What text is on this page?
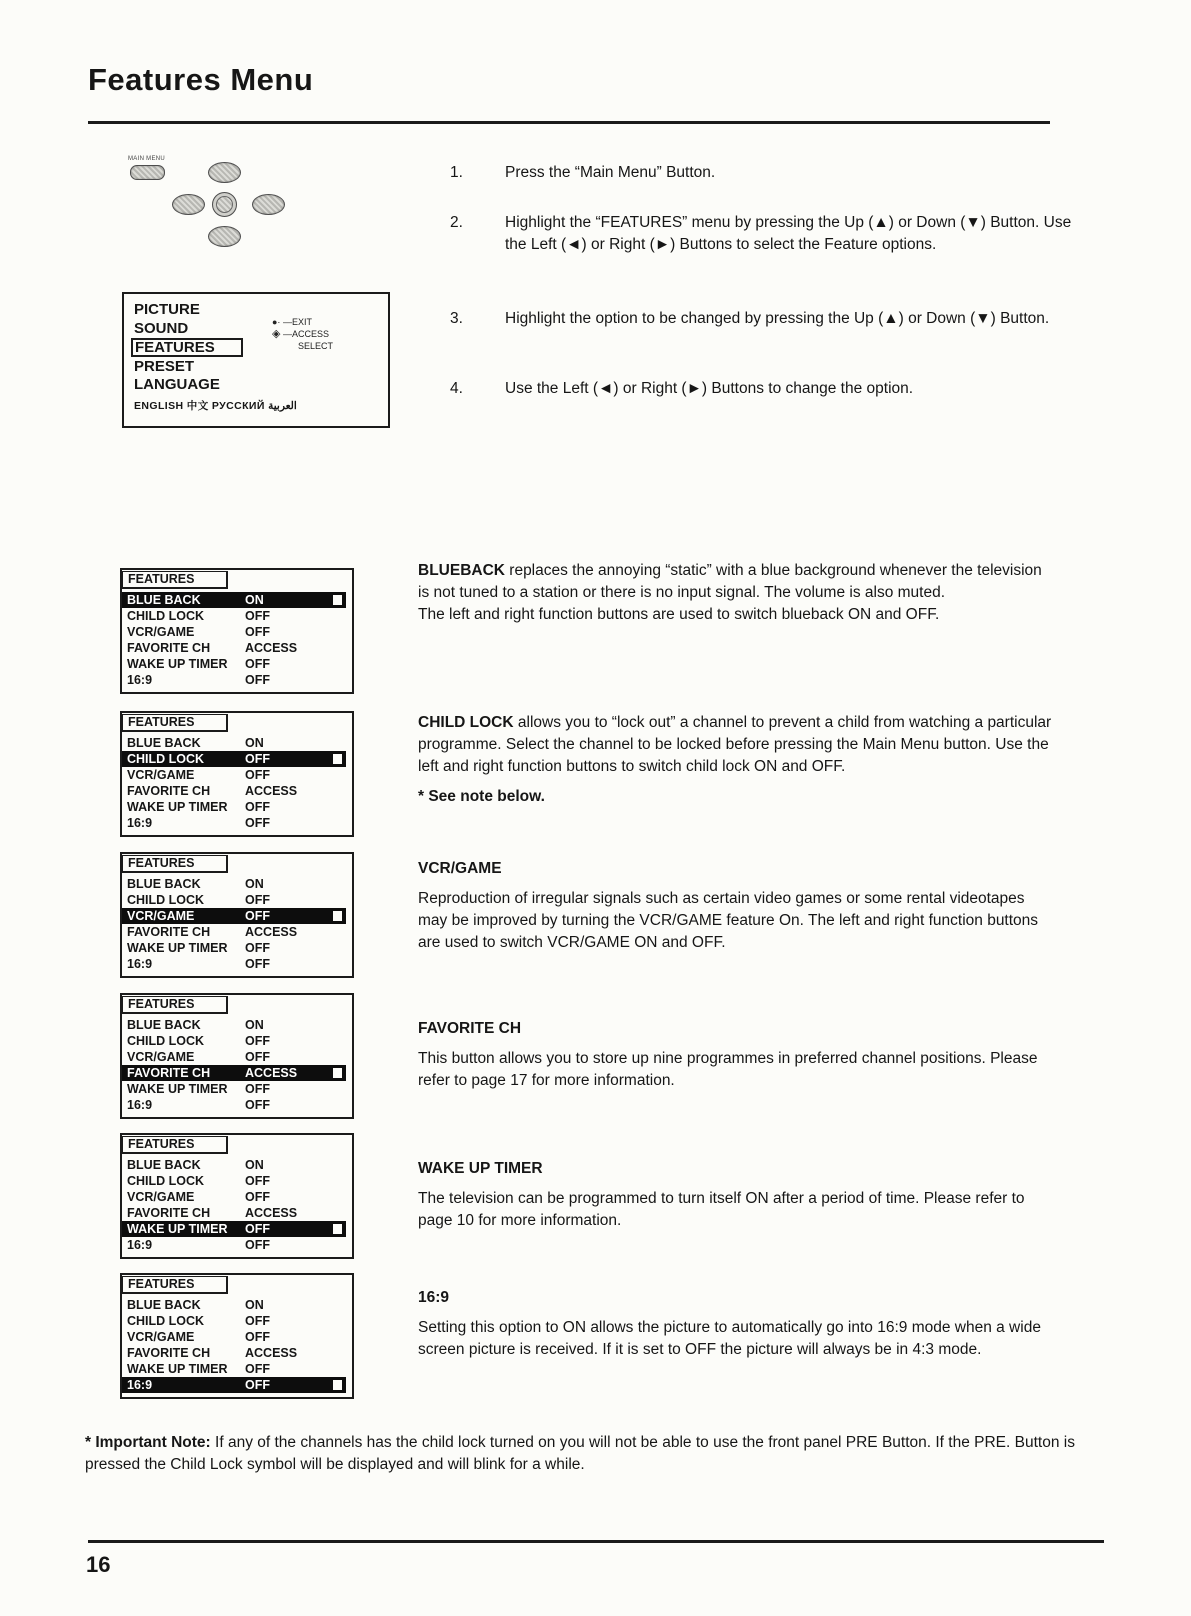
Features Menu
MAIN MENU
PICTURE
SOUND
FEATURES
PRESET
LANGUAGE
ENGLISH 中文 РУССКИЙ العربية
●· —EXIT
◈ —ACCESS
SELECT
1.	Press the “Main Menu” Button.
2.	Highlight the “FEATURES” menu by pressing the Up (▲) or Down (▼) Button. Use the Left (◄) or Right (►) Buttons to select the Feature options.
3.	Highlight the option to be changed by pressing the Up (▲) or Down (▼) Button.
4.	Use the Left (◄) or Right (►) Buttons to change the option.
FEATURES
BLUE BACK	ON
CHILD LOCK	OFF
VCR/GAME	OFF
FAVORITE CH	ACCESS
WAKE UP TIMER	OFF
16:9	OFF
FEATURES
BLUE BACK	ON
CHILD LOCK	OFF
VCR/GAME	OFF
FAVORITE CH	ACCESS
WAKE UP TIMER	OFF
16:9	OFF
FEATURES
BLUE BACK	ON
CHILD LOCK	OFF
VCR/GAME	OFF
FAVORITE CH	ACCESS
WAKE UP TIMER	OFF
16:9	OFF
FEATURES
BLUE BACK	ON
CHILD LOCK	OFF
VCR/GAME	OFF
FAVORITE CH	ACCESS
WAKE UP TIMER	OFF
16:9	OFF
FEATURES
BLUE BACK	ON
CHILD LOCK	OFF
VCR/GAME	OFF
FAVORITE CH	ACCESS
WAKE UP TIMER	OFF
16:9	OFF
FEATURES
BLUE BACK	ON
CHILD LOCK	OFF
VCR/GAME	OFF
FAVORITE CH	ACCESS
WAKE UP TIMER	OFF
16:9	OFF

BLUEBACK replaces the annoying “static” with a blue background whenever the television is not tuned to a station or there is no input signal. The volume is also muted.

The left and right function buttons are used to switch blueback ON and OFF.

CHILD LOCK allows you to “lock out” a channel to prevent a child from watching a particular programme. Select the channel to be locked before pressing the Main Menu button. Use the left and right function buttons to switch child lock ON and OFF.

* See note below.
VCR/GAME

Reproduction of irregular signals such as certain video games or some rental videotapes may be improved by turning the VCR/GAME feature On. The left and right function buttons are used to switch VCR/GAME ON and OFF.

FAVORITE CH

This button allows you to store up nine programmes in preferred channel positions. Please refer to page 17 for more information.

WAKE UP TIMER

The television can be programmed to turn itself ON after a period of time. Please refer to page 10 for more information.

16:9

Setting this option to ON allows the picture to automatically go into 16:9 mode when a wide screen picture is received. If it is set to OFF the picture will always be in 4:3 mode.

* Important Note: If any of the channels has the child lock turned on you will not be able to use the front panel PRE Button. If the PRE. Button is pressed the Child Lock symbol will be displayed and will blink for a while.

16
